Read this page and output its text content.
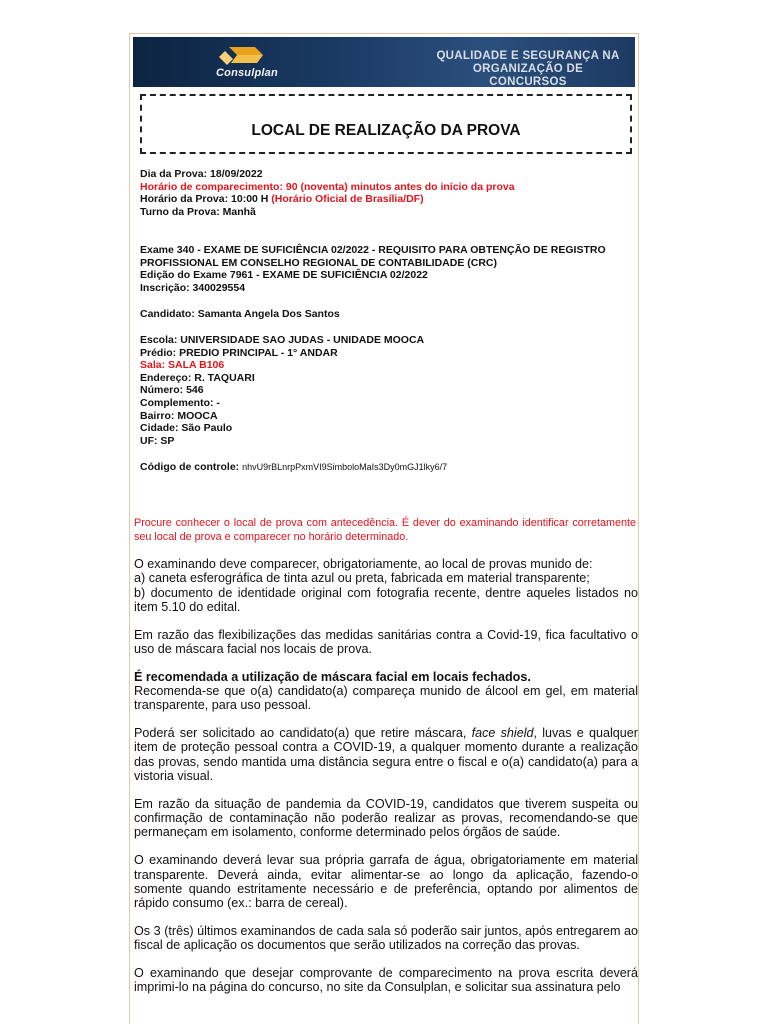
Consulplan
QUALIDADE E SEGURANÇA NA
ORGANIZAÇÃO DE CONCURSOS
LOCAL DE REALIZAÇÃO DA PROVA
Dia da Prova: 18/09/2022
Horário de comparecimento: 90 (noventa) minutos antes do início da prova
Horário da Prova: 10:00 H (Horário Oficial de Brasília/DF)
Turno da Prova: Manhã
Exame 340 - EXAME DE SUFICIÊNCIA 02/2022 - REQUISITO PARA OBTENÇÃO DE REGISTRO
PROFISSIONAL EM CONSELHO REGIONAL DE CONTABILIDADE (CRC)
Edição do Exame 7961 - EXAME DE SUFICIÊNCIA 02/2022
Inscrição: 340029554
Candidato: Samanta Angela Dos Santos
Escola: UNIVERSIDADE SAO JUDAS - UNIDADE MOOCA
Prédio: PREDIO PRINCIPAL - 1° ANDAR
Sala: SALA B106
Endereço: R. TAQUARI
Número: 546
Complemento: -
Bairro: MOOCA
Cidade: São Paulo
UF: SP
Código de controle: nhvU9rBLnrpPxmVI9SimboloMaIs3Dy0mGJ1lky6/7
Procure conhecer o local de prova com antecedência. É dever do examinando identificar corretamente seu local de prova e comparecer no horário determinado.

O examinando deve comparecer, obrigatoriamente, ao local de provas munido de:
a) caneta esferográfica de tinta azul ou preta, fabricada em material transparente;
b) documento de identidade original com fotografia recente, dentre aqueles listados no item 5.10 do edital.

Em razão das flexibilizações das medidas sanitárias contra a Covid-19, fica facultativo o uso de máscara facial nos locais de prova.

É recomendada a utilização de máscara facial em locais fechados.
Recomenda-se que o(a) candidato(a) compareça munido de álcool em gel, em material transparente, para uso pessoal.

Poderá ser solicitado ao candidato(a) que retire máscara, face shield, luvas e qualquer item de proteção pessoal contra a COVID-19, a qualquer momento durante a realização das provas, sendo mantida uma distância segura entre o fiscal e o(a) candidato(a) para a vistoria visual.

Em razão da situação de pandemia da COVID-19, candidatos que tiverem suspeita ou confirmação de contaminação não poderão realizar as provas, recomendando-se que permaneçam em isolamento, conforme determinado pelos órgãos de saúde.

O examinando deverá levar sua própria garrafa de água, obrigatoriamente em material transparente. Deverá ainda, evitar alimentar-se ao longo da aplicação, fazendo-o somente quando estritamente necessário e de preferência, optando por alimentos de rápido consumo (ex.: barra de cereal).

Os 3 (três) últimos examinandos de cada sala só poderão sair juntos, após entregarem ao fiscal de aplicação os documentos que serão utilizados na correção das provas.

O examinando que desejar comprovante de comparecimento na prova escrita deverá imprimi-lo na página do concurso, no site da Consulplan, e solicitar sua assinatura pelo
